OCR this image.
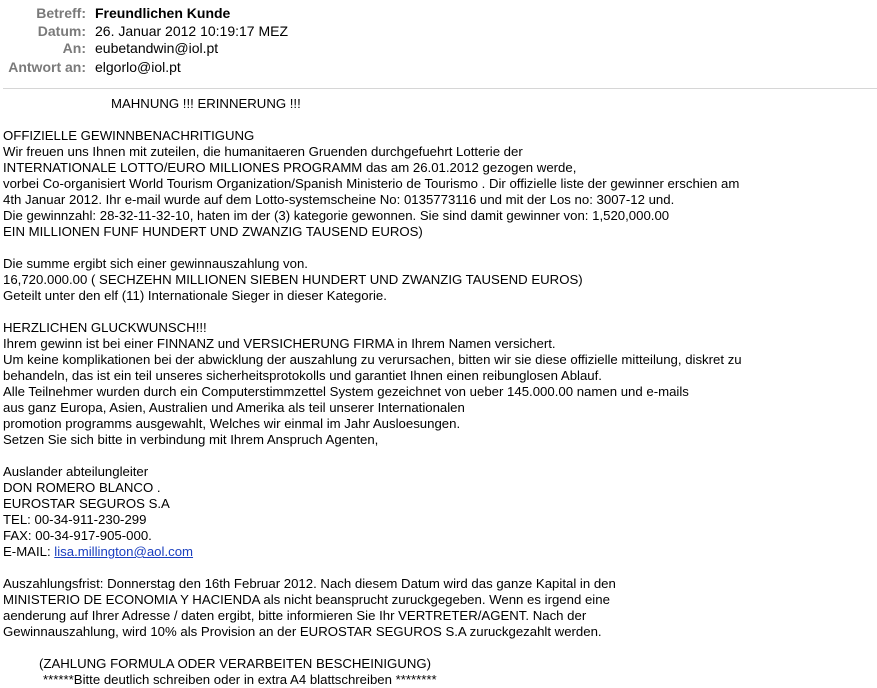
Betreff: Freundlichen Kunde
Datum: 26. Januar 2012 10:19:17 MEZ
An: eubetandwin@iol.pt
Antwort an: elgorlo@iol.pt
MAHNUNG !!! ERINNERUNG !!!
OFFIZIELLE GEWINNBENACHRITIGUNG
Wir freuen uns Ihnen mit zuteilen, die humanitaeren Gruenden durchgefuehrt Lotterie der
INTERNATIONALE LOTTO/EURO MILLIONES PROGRAMM das am 26.01.2012 gezogen werde,
vorbei Co-organisiert World Tourism Organization/Spanish Ministerio de Tourismo . Dir offizielle liste der gewinner erschien am
4th Januar 2012. Ihr e-mail wurde auf dem Lotto-systemscheine No: 0135773116 und mit der Los no: 3007-12 und.
Die gewinnzahl: 28-32-11-32-10, haten im der (3) kategorie gewonnen. Sie sind damit gewinner von: 1,520,000.00
EIN MILLIONEN FUNF HUNDERT UND ZWANZIG TAUSEND EUROS)
Die summe ergibt sich einer gewinnauszahlung von.
16,720.000.00 ( SECHZEHN MILLIONEN SIEBEN HUNDERT UND ZWANZIG TAUSEND EUROS)
Geteilt unter den elf (11) Internationale Sieger in dieser Kategorie.
HERZLICHEN GLUCKWUNSCH!!!
Ihrem gewinn ist bei einer FINNANZ und VERSICHERUNG FIRMA in Ihrem Namen versichert.
Um keine komplikationen bei der abwicklung der auszahlung zu verursachen, bitten wir sie diese offizielle mitteilung, diskret zu
behandeln, das ist ein teil unseres sicherheitsprotokolls und garantiet Ihnen einen reibunglosen Ablauf.
Alle Teilnehmer wurden durch ein Computerstimmzettel System gezeichnet von ueber 145.000.00 namen und e-mails
aus ganz Europa, Asien, Australien und Amerika als teil unserer Internationalen
promotion programms ausgewahlt, Welches wir einmal im Jahr Ausloesungen.
Setzen Sie sich bitte in verbindung mit Ihrem Anspruch Agenten,
Auslander abteilungleiter
DON ROMERO BLANCO .
EUROSTAR SEGUROS S.A
TEL: 00-34-911-230-299
FAX: 00-34-917-905-000.
E-MAIL: lisa.millington@aol.com
Auszahlungsfrist: Donnerstag den 16th Februar 2012. Nach diesem Datum wird das ganze Kapital in den
MINISTERIO DE ECONOMIA Y HACIENDA als nicht beansprucht zuruckgegeben. Wenn es irgend eine
aenderung auf Ihrer Adresse / daten ergibt, bitte informieren Sie Ihr VERTRETER/AGENT. Nach der
Gewinnauszahlung, wird 10% als Provision an der EUROSTAR SEGUROS S.A zuruckgezahlt werden.
(ZAHLUNG FORMULA ODER VERARBEITEN BESCHEINIGUNG)
******Bitte deutlich schreiben oder in extra A4 blattschreiben ********
